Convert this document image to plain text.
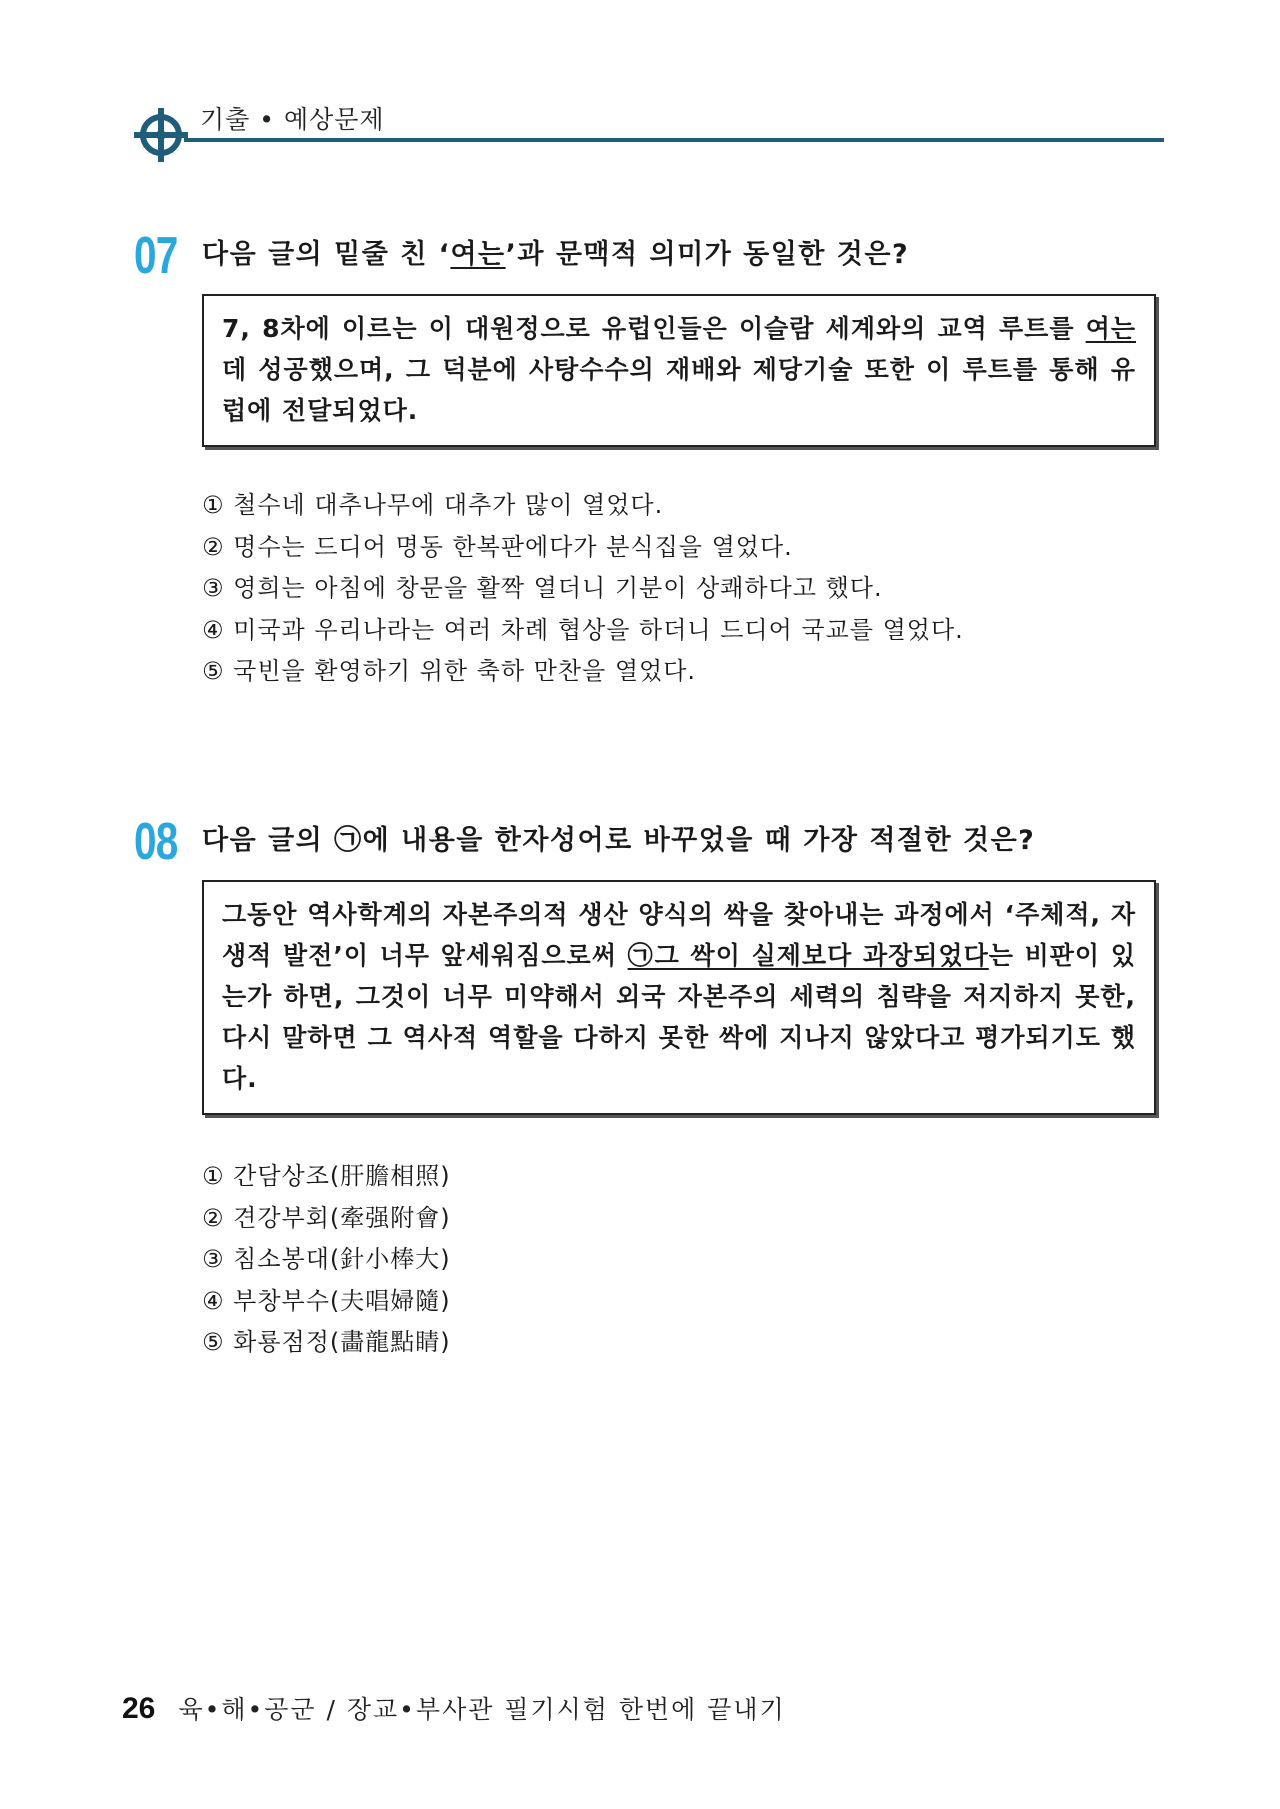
기출 • 예상문제
07 다음 글의 밑줄 친 ‘여는’과 문맥적 의미가 동일한 것은?
7, 8차에 이르는 이 대원정으로 유럽인들은 이슬람 세계와의 교역 루트를 여는 데 성공했으며, 그 덕분에 사탕수수의 재배와 제당기술 또한 이 루트를 통해 유럽에 전달되었다.
① 철수네 대추나무에 대추가 많이 열었다.
② 명수는 드디어 명동 한복판에다가 분식집을 열었다.
③ 영희는 아침에 창문을 활짝 열더니 기분이 상쾌하다고 했다.
④ 미국과 우리나라는 여러 차례 협상을 하더니 드디어 국교를 열었다.
⑤ 국빈을 환영하기 위한 축하 만찬을 열었다.
08 다음 글의 ㉠에 내용을 한자성어로 바꾸었을 때 가장 적절한 것은?
그동안 역사학계의 자본주의적 생산 양식의 싹을 찾아내는 과정에서 ‘주체적, 자생적 발전’이 너무 앞세워짐으로써 ㉠그 싹이 실제보다 과장되었다는 비판이 있는가 하면, 그것이 너무 미약해서 외국 자본주의 세력의 침략을 저지하지 못한, 다시 말하면 그 역사적 역할을 다하지 못한 싹에 지나지 않았다고 평가되기도 했다.
① 간담상조(肝膽相照)
② 견강부회(牽强附會)
③ 침소봉대(針小棒大)
④ 부창부수(夫唱婦隨)
⑤ 화룡점정(畵龍點睛)
26 육•해•공군 / 장교•부사관 필기시험 한번에 끝내기
